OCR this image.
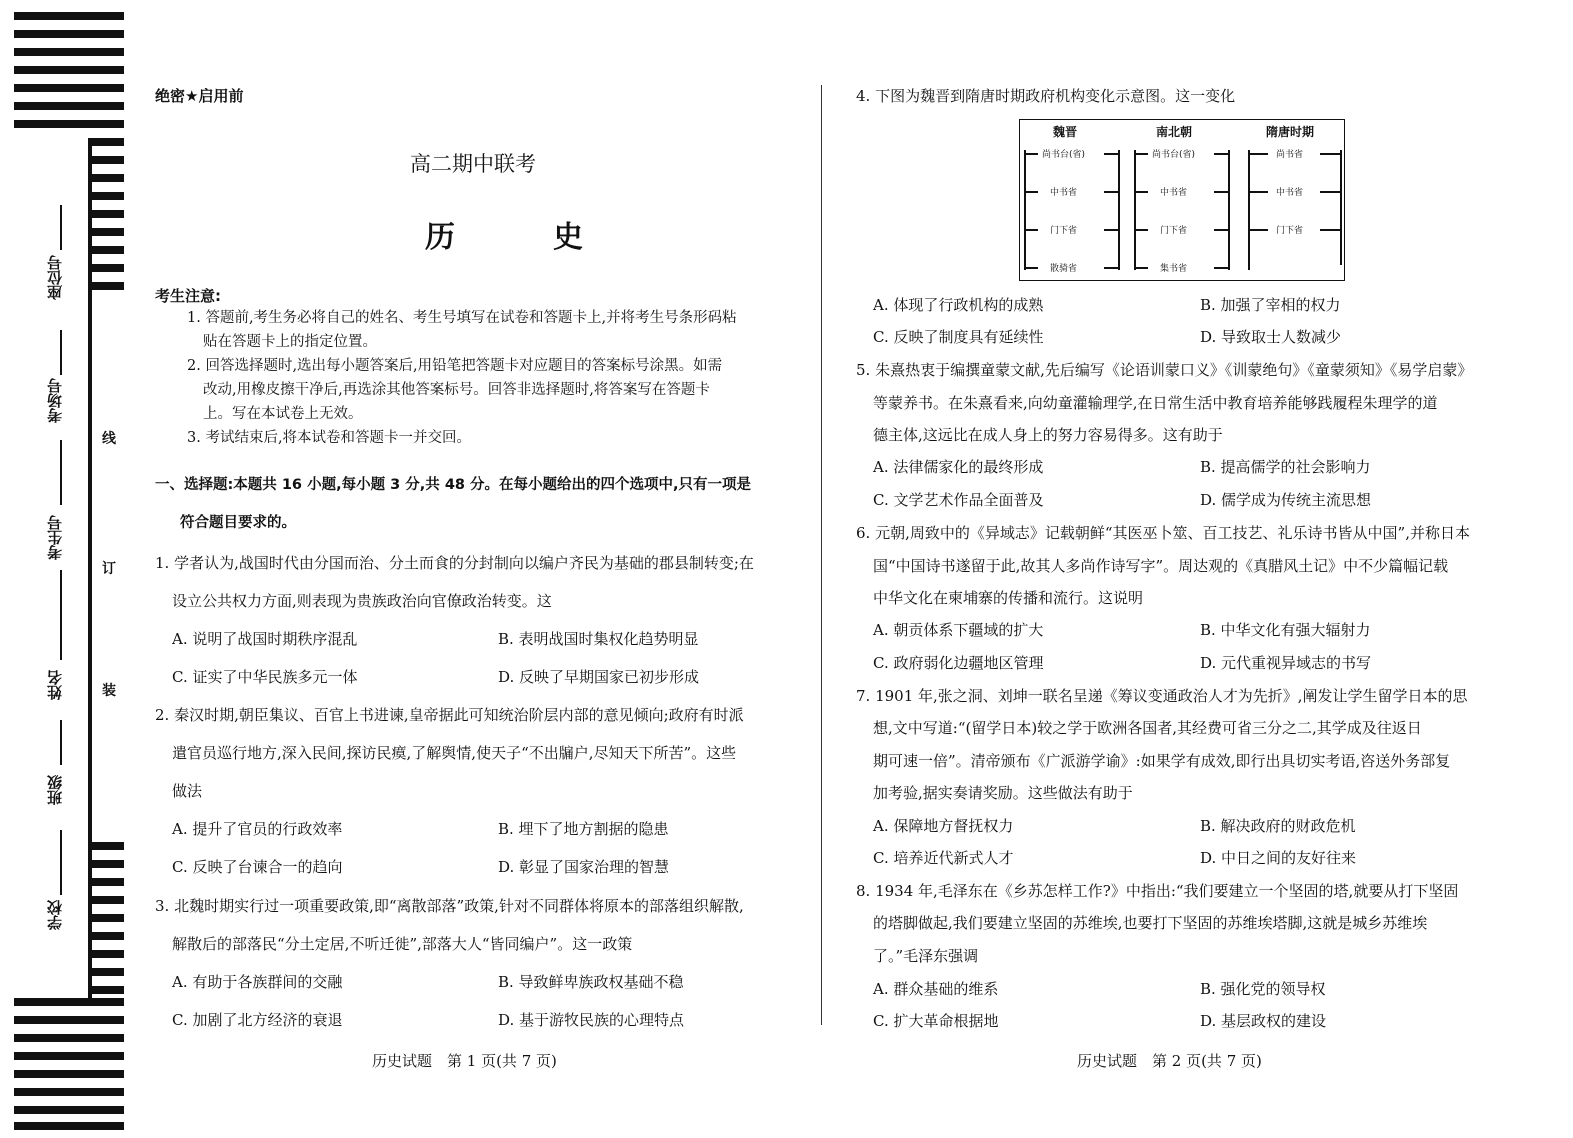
座位号
考场号
考生号
姓名
班级
学校
线
订
装
绝密★启用前
高二期中联考
历　史
考生注意:
1. 答题前,考生务必将自己的姓名、考生号填写在试卷和答题卡上,并将考生号条形码粘
贴在答题卡上的指定位置。
2. 回答选择题时,选出每小题答案后,用铅笔把答题卡对应题目的答案标号涂黑。如需
改动,用橡皮擦干净后,再选涂其他答案标号。回答非选择题时,将答案写在答题卡
上。写在本试卷上无效。
3. 考试结束后,将本试卷和答题卡一并交回。
一、选择题:本题共 16 小题,每小题 3 分,共 48 分。在每小题给出的四个选项中,只有一项是
符合题目要求的。
1. 学者认为,战国时代由分国而治、分土而食的分封制向以编户齐民为基础的郡县制转变;在
设立公共权力方面,则表现为贵族政治向官僚政治转变。这
A. 说明了战国时期秩序混乱	B. 表明战国时集权化趋势明显
C. 证实了中华民族多元一体	D. 反映了早期国家已初步形成
2. 秦汉时期,朝臣集议、百官上书进谏,皇帝据此可知统治阶层内部的意见倾向;政府有时派
遣官员巡行地方,深入民间,探访民瘼,了解舆情,使天子“不出牖户,尽知天下所苦”。这些
做法
A. 提升了官员的行政效率	B. 埋下了地方割据的隐患
C. 反映了台谏合一的趋向	D. 彰显了国家治理的智慧
3. 北魏时期实行过一项重要政策,即“离散部落”政策,针对不同群体将原本的部落组织解散,
解散后的部落民“分土定居,不听迁徙”,部落大人“皆同编户”。这一政策
A. 有助于各族群间的交融	B. 导致鲜卑族政权基础不稳
C. 加剧了北方经济的衰退	D. 基于游牧民族的心理特点
历史试题　第 1 页(共 7 页)
4. 下图为魏晋到隋唐时期政府机构变化示意图。这一变化
魏晋	南北朝	隋唐时期
尚书台(省)
中书省
门下省
散骑省
尚书台(省)
中书省
门下省
集书省
尚书省
中书省
门下省
A. 体现了行政机构的成熟	B. 加强了宰相的权力
C. 反映了制度具有延续性	D. 导致取士人数减少
5. 朱熹热衷于编撰童蒙文献,先后编写《论语训蒙口义》《训蒙绝句》《童蒙须知》《易学启蒙》
等蒙养书。在朱熹看来,向幼童灌输理学,在日常生活中教育培养能够践履程朱理学的道
德主体,这远比在成人身上的努力容易得多。这有助于
A. 法律儒家化的最终形成	B. 提高儒学的社会影响力
C. 文学艺术作品全面普及	D. 儒学成为传统主流思想
6. 元朝,周致中的《异域志》记载朝鲜“其医巫卜筮、百工技艺、礼乐诗书皆从中国”,并称日本
国“中国诗书遂留于此,故其人多尚作诗写字”。周达观的《真腊风土记》中不少篇幅记载
中华文化在柬埔寨的传播和流行。这说明
A. 朝贡体系下疆域的扩大	B. 中华文化有强大辐射力
C. 政府弱化边疆地区管理	D. 元代重视异域志的书写
7. 1901 年,张之洞、刘坤一联名呈递《筹议变通政治人才为先折》,阐发让学生留学日本的思
想,文中写道:“(留学日本)较之学于欧洲各国者,其经费可省三分之二,其学成及往返日
期可速一倍”。清帝颁布《广派游学谕》:如果学有成效,即行出具切实考语,咨送外务部复
加考验,据实奏请奖励。这些做法有助于
A. 保障地方督抚权力	B. 解决政府的财政危机
C. 培养近代新式人才	D. 中日之间的友好往来
8. 1934 年,毛泽东在《乡苏怎样工作?》中指出:“我们要建立一个坚固的塔,就要从打下坚固
的塔脚做起,我们要建立坚固的苏维埃,也要打下坚固的苏维埃塔脚,这就是城乡苏维埃
了。”毛泽东强调
A. 群众基础的维系	B. 强化党的领导权
C. 扩大革命根据地	D. 基层政权的建设
历史试题　第 2 页(共 7 页)
